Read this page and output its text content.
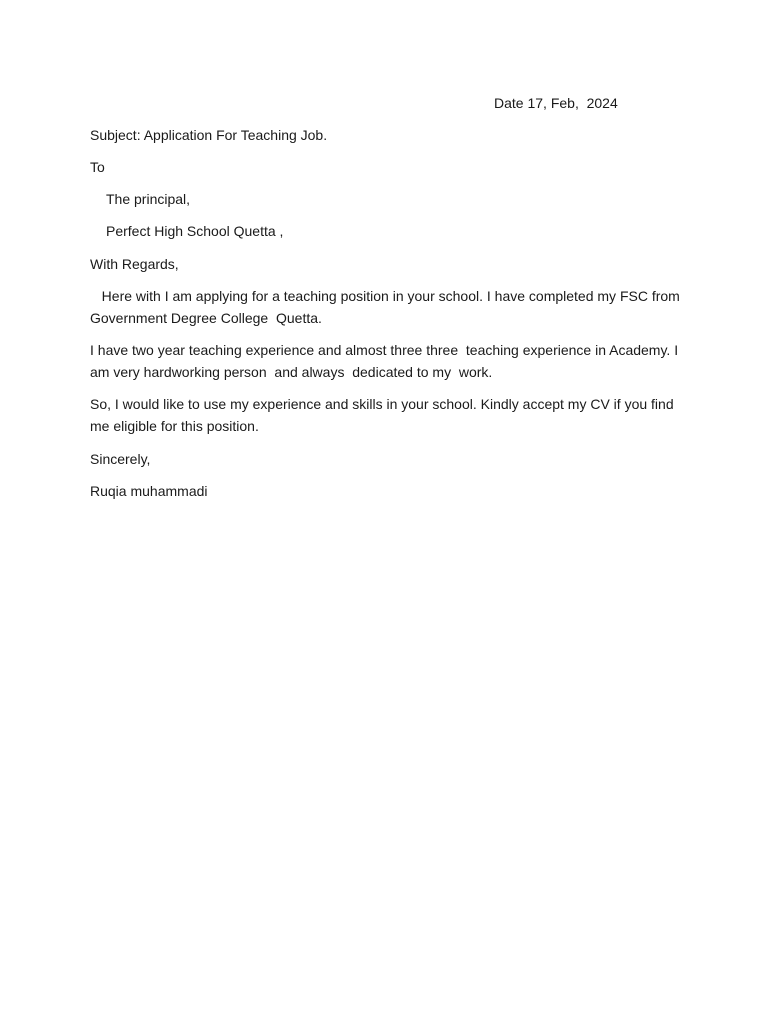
Date 17, Feb,  2024
Subject: Application For Teaching Job.
To
The principal,
Perfect High School Quetta ,
With Regards,
Here with I am applying for a teaching position in your school. I have completed my FSC from Government Degree College  Quetta.
I have two year teaching experience and almost three three  teaching experience in Academy. I am very hardworking person  and always  dedicated to my  work.
So, I would like to use my experience and skills in your school. Kindly accept my CV if you find me eligible for this position.
Sincerely,
Ruqia muhammadi
